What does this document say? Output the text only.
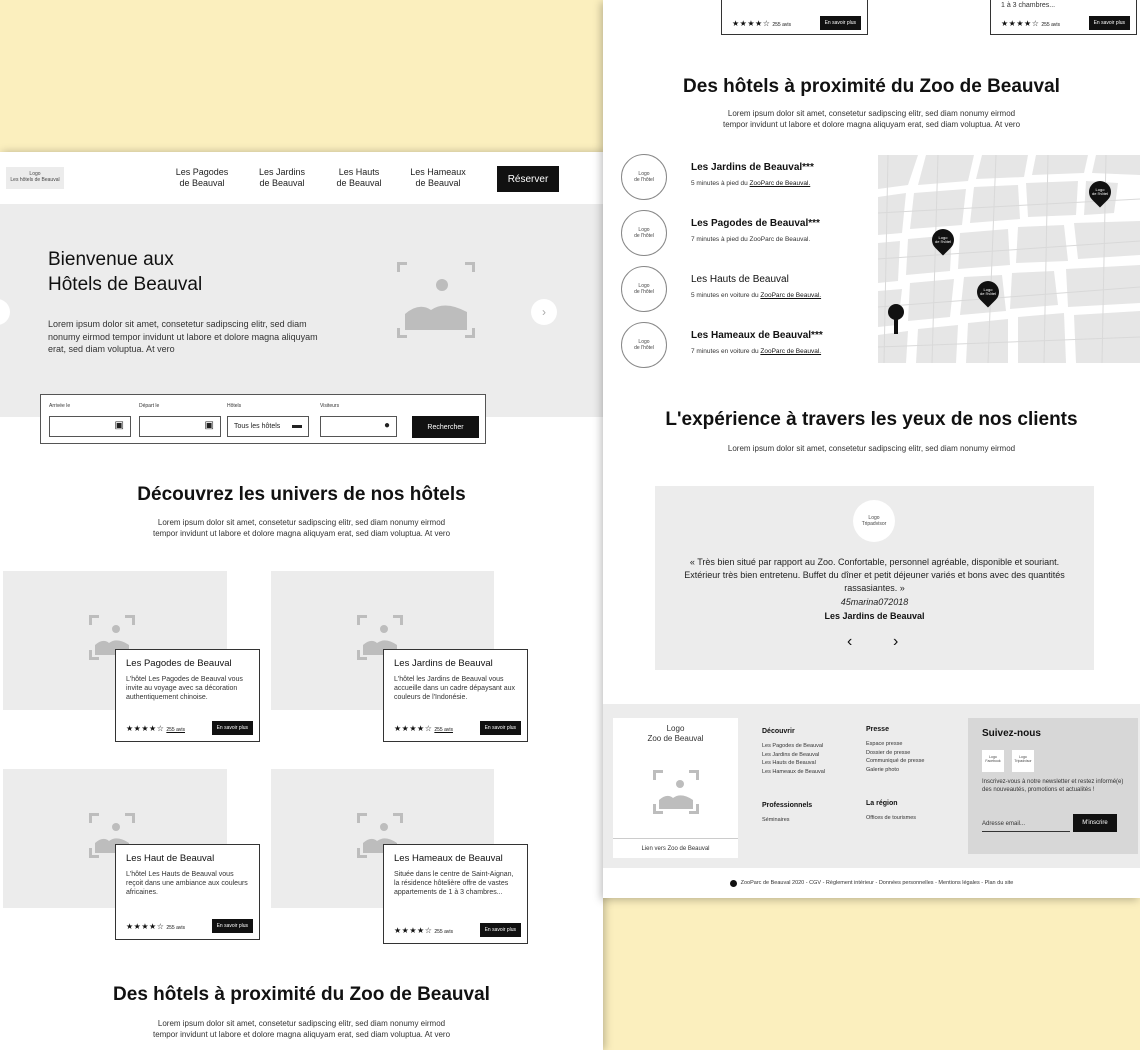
Logo
Les hôtels de Beauval
Les Pagodes
de Beauval
Les Jardins
de Beauval
Les Hauts
de Beauval
Les Hameaux
de Beauval	Réserver
Bienvenue aux
Hôtels de Beauval
Lorem ipsum dolor sit amet, consetetur sadipscing elitr, sed diam nonumy eirmod tempor invidunt ut labore et dolore magna aliquyam erat, sed diam voluptua. At vero
›
Arrivée le
▣
Départ le
▣
Hôtels
Tous les hôtels ▬
Visiteurs
●	Rechercher
Découvrez les univers de nos hôtels
Lorem ipsum dolor sit amet, consetetur sadipscing elitr, sed diam nonumy eirmod
tempor invidunt ut labore et dolore magna aliquyam erat, sed diam voluptua. At vero
Les Pagodes de Beauval
L'hôtel Les Pagodes de Beauval vous invite au voyage avec sa décoration authentiquement chinoise.
★★★★☆ 255 avis	En savoir plus
Les Jardins de Beauval
L'hôtel les Jardins de Beauval vous accueille dans un cadre dépaysant aux couleurs de l'Indonésie.
★★★★☆ 255 avis	En savoir plus
Les Haut de Beauval
L'hôtel Les Hauts de Beauval vous reçoit dans une ambiance aux couleurs africaines.
★★★★☆ 255 avis	En savoir plus
Les Hameaux de Beauval
Située dans le centre de Saint-Aignan, la résidence hôtelière offre de vastes appartements de 1 à 3 chambres...
★★★★☆ 255 avis	En savoir plus
Des hôtels à proximité du Zoo de Beauval
Lorem ipsum dolor sit amet, consetetur sadipscing elitr, sed diam nonumy eirmod
tempor invidunt ut labore et dolore magna aliquyam erat, sed diam voluptua. At vero
★★★★☆ 255 avis	En savoir plus
1 à 3 chambres...
★★★★☆ 255 avis	En savoir plus
Des hôtels à proximité du Zoo de Beauval
Lorem ipsum dolor sit amet, consetetur sadipscing elitr, sed diam nonumy eirmod
tempor invidunt ut labore et dolore magna aliquyam erat, sed diam voluptua. At vero
Logo
de l'hôtel
Les Jardins de Beauval***
5 minutes à pied du ZooParc de Beauval.
Logo
de l'hôtel
Les Pagodes de Beauval***
7 minutes à pied du ZooParc de Beauval.
Logo
de l'hôtel
Les Hauts de Beauval
5 minutes en voiture du ZooParc de Beauval.
Logo
de l'hôtel
Les Hameaux de Beauval***
7 minutes en voiture du ZooParc de Beauval.
Logo
de l'hôtel
Logo
de l'hôtel
Logo
de l'hôtel
L'expérience à travers les yeux de nos clients
Lorem ipsum dolor sit amet, consetetur sadipscing elitr, sed diam nonumy eirmod
Logo
Tripadvisor
« Très bien situé par rapport au Zoo. Confortable, personnel agréable, disponible et souriant. Extérieur très bien entretenu. Buffet du dîner et petit déjeuner variés et bons avec des quantités rassasiantes. »
45marina072018
Les Jardins de Beauval
‹	›
Logo
Zoo de Beauval
Lien vers Zoo de Beauval
Découvrir
Les Pagodes de Beauval
Les Jardins de Beauval
Les Hauts de Beauval
Les Hameaux de Beauval
Presse
Espace presse
Dossier de presse
Communiqué de presse
Galerie photo
Professionnels
Séminaires
La région
Offices de tourismes
Suivez-nous
Logo
Facebook
Logo
Tripadvisor
Inscrivez-vous à notre newsletter et restez informé(e) des nouveautés, promotions et actualités !
Adresse email...	M'inscrire
ZooParc de Beauval 2020 - CGV - Règlement intérieur - Données personnelles - Mentions légales - Plan du site
